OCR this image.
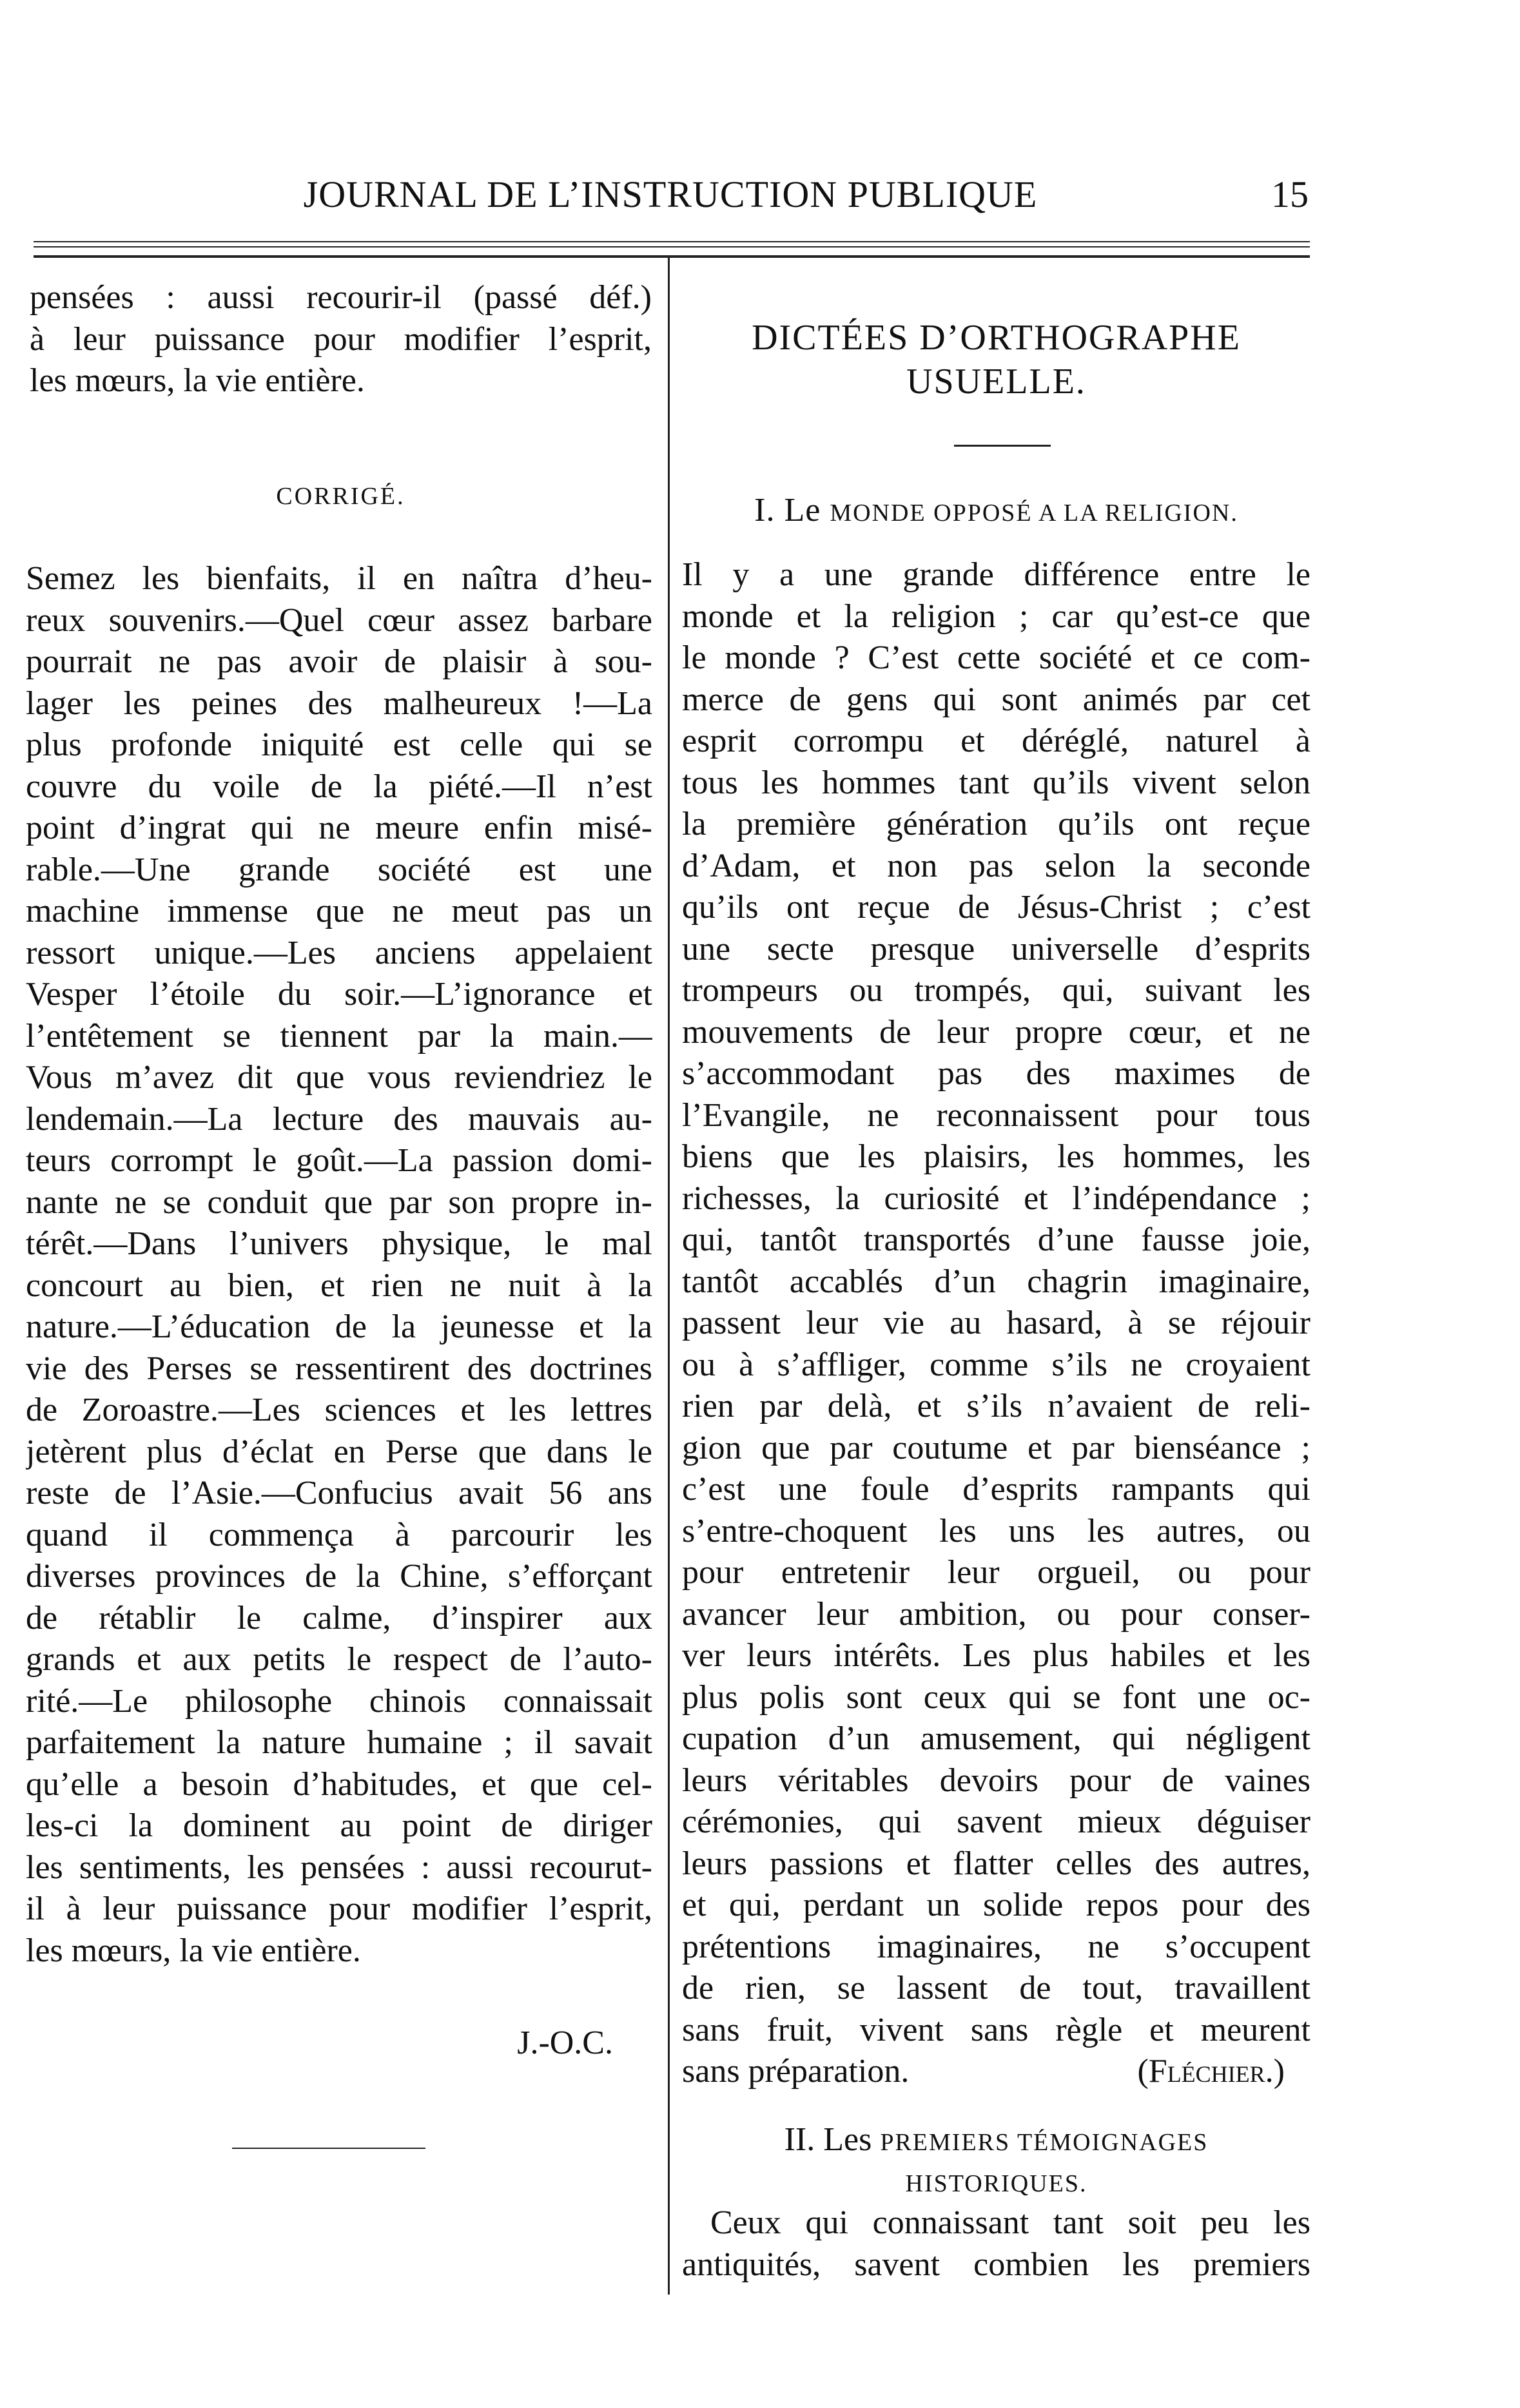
JOURNAL DE L’INSTRUCTION PUBLIQUE	15
pensées : aussi recourir-il (passé déf.)
à leur puissance pour modifier l’esprit,
les mœurs, la vie entière.
CORRIGÉ.
Semez les bienfaits, il en naîtra d’heu-
reux souvenirs.—Quel cœur assez barbare
pourrait ne pas avoir de plaisir à sou-
lager les peines des malheureux !—La
plus profonde iniquité est celle qui se
couvre du voile de la piété.—Il n’est
point d’ingrat qui ne meure enfin misé-
rable.—Une grande société est une
machine immense que ne meut pas un
ressort unique.—Les anciens appelaient
Vesper l’étoile du soir.—L’ignorance et
l’entêtement se tiennent par la main.—
Vous m’avez dit que vous reviendriez le
lendemain.—La lecture des mauvais au-
teurs corrompt le goût.—La passion domi-
nante ne se conduit que par son propre in-
térêt.—Dans l’univers physique, le mal
concourt au bien, et rien ne nuit à la
nature.—L’éducation de la jeunesse et la
vie des Perses se ressentirent des doctrines
de Zoroastre.—Les sciences et les lettres
jetèrent plus d’éclat en Perse que dans le
reste de l’Asie.—Confucius avait 56 ans
quand il commença à parcourir les
diverses provinces de la Chine, s’efforçant
de rétablir le calme, d’inspirer aux
grands et aux petits le respect de l’auto-
rité.—Le philosophe chinois connaissait
parfaitement la nature humaine ; il savait
qu’elle a besoin d’habitudes, et que cel-
les-ci la dominent au point de diriger
les sentiments, les pensées : aussi recourut-
il à leur puissance pour modifier l’esprit,
les mœurs, la vie entière.
J.-O.C.
DICTÉES D’ORTHOGRAPHE
USUELLE.
I. Le MONDE OPPOSÉ A LA RELIGION.
Il y a une grande différence entre le
monde et la religion ; car qu’est-ce que
le monde ? C’est cette société et ce com-
merce de gens qui sont animés par cet
esprit corrompu et déréglé, naturel à
tous les hommes tant qu’ils vivent selon
la première génération qu’ils ont reçue
d’Adam, et non pas selon la seconde
qu’ils ont reçue de Jésus-Christ ; c’est
une secte presque universelle d’esprits
trompeurs ou trompés, qui, suivant les
mouvements de leur propre cœur, et ne
s’accommodant pas des maximes de
l’Evangile, ne reconnaissent pour tous
biens que les plaisirs, les hommes, les
richesses, la curiosité et l’indépendance ;
qui, tantôt transportés d’une fausse joie,
tantôt accablés d’un chagrin imaginaire,
passent leur vie au hasard, à se réjouir
ou à s’affliger, comme s’ils ne croyaient
rien par delà, et s’ils n’avaient de reli-
gion que par coutume et par bienséance ;
c’est une foule d’esprits rampants qui
s’entre-choquent les uns les autres, ou
pour entretenir leur orgueil, ou pour
avancer leur ambition, ou pour conser-
ver leurs intérêts. Les plus habiles et les
plus polis sont ceux qui se font une oc-
cupation d’un amusement, qui négligent
leurs véritables devoirs pour de vaines
cérémonies, qui savent mieux déguiser
leurs passions et flatter celles des autres,
et qui, perdant un solide repos pour des
prétentions imaginaires, ne s’occupent
de rien, se lassent de tout, travaillent
sans fruit, vivent sans règle et meurent
sans préparation.	(Fléchier.)
II. Les PREMIERS TÉMOIGNAGES
HISTORIQUES.
Ceux qui connaissant tant soit peu les
antiquités, savent combien les premiers
